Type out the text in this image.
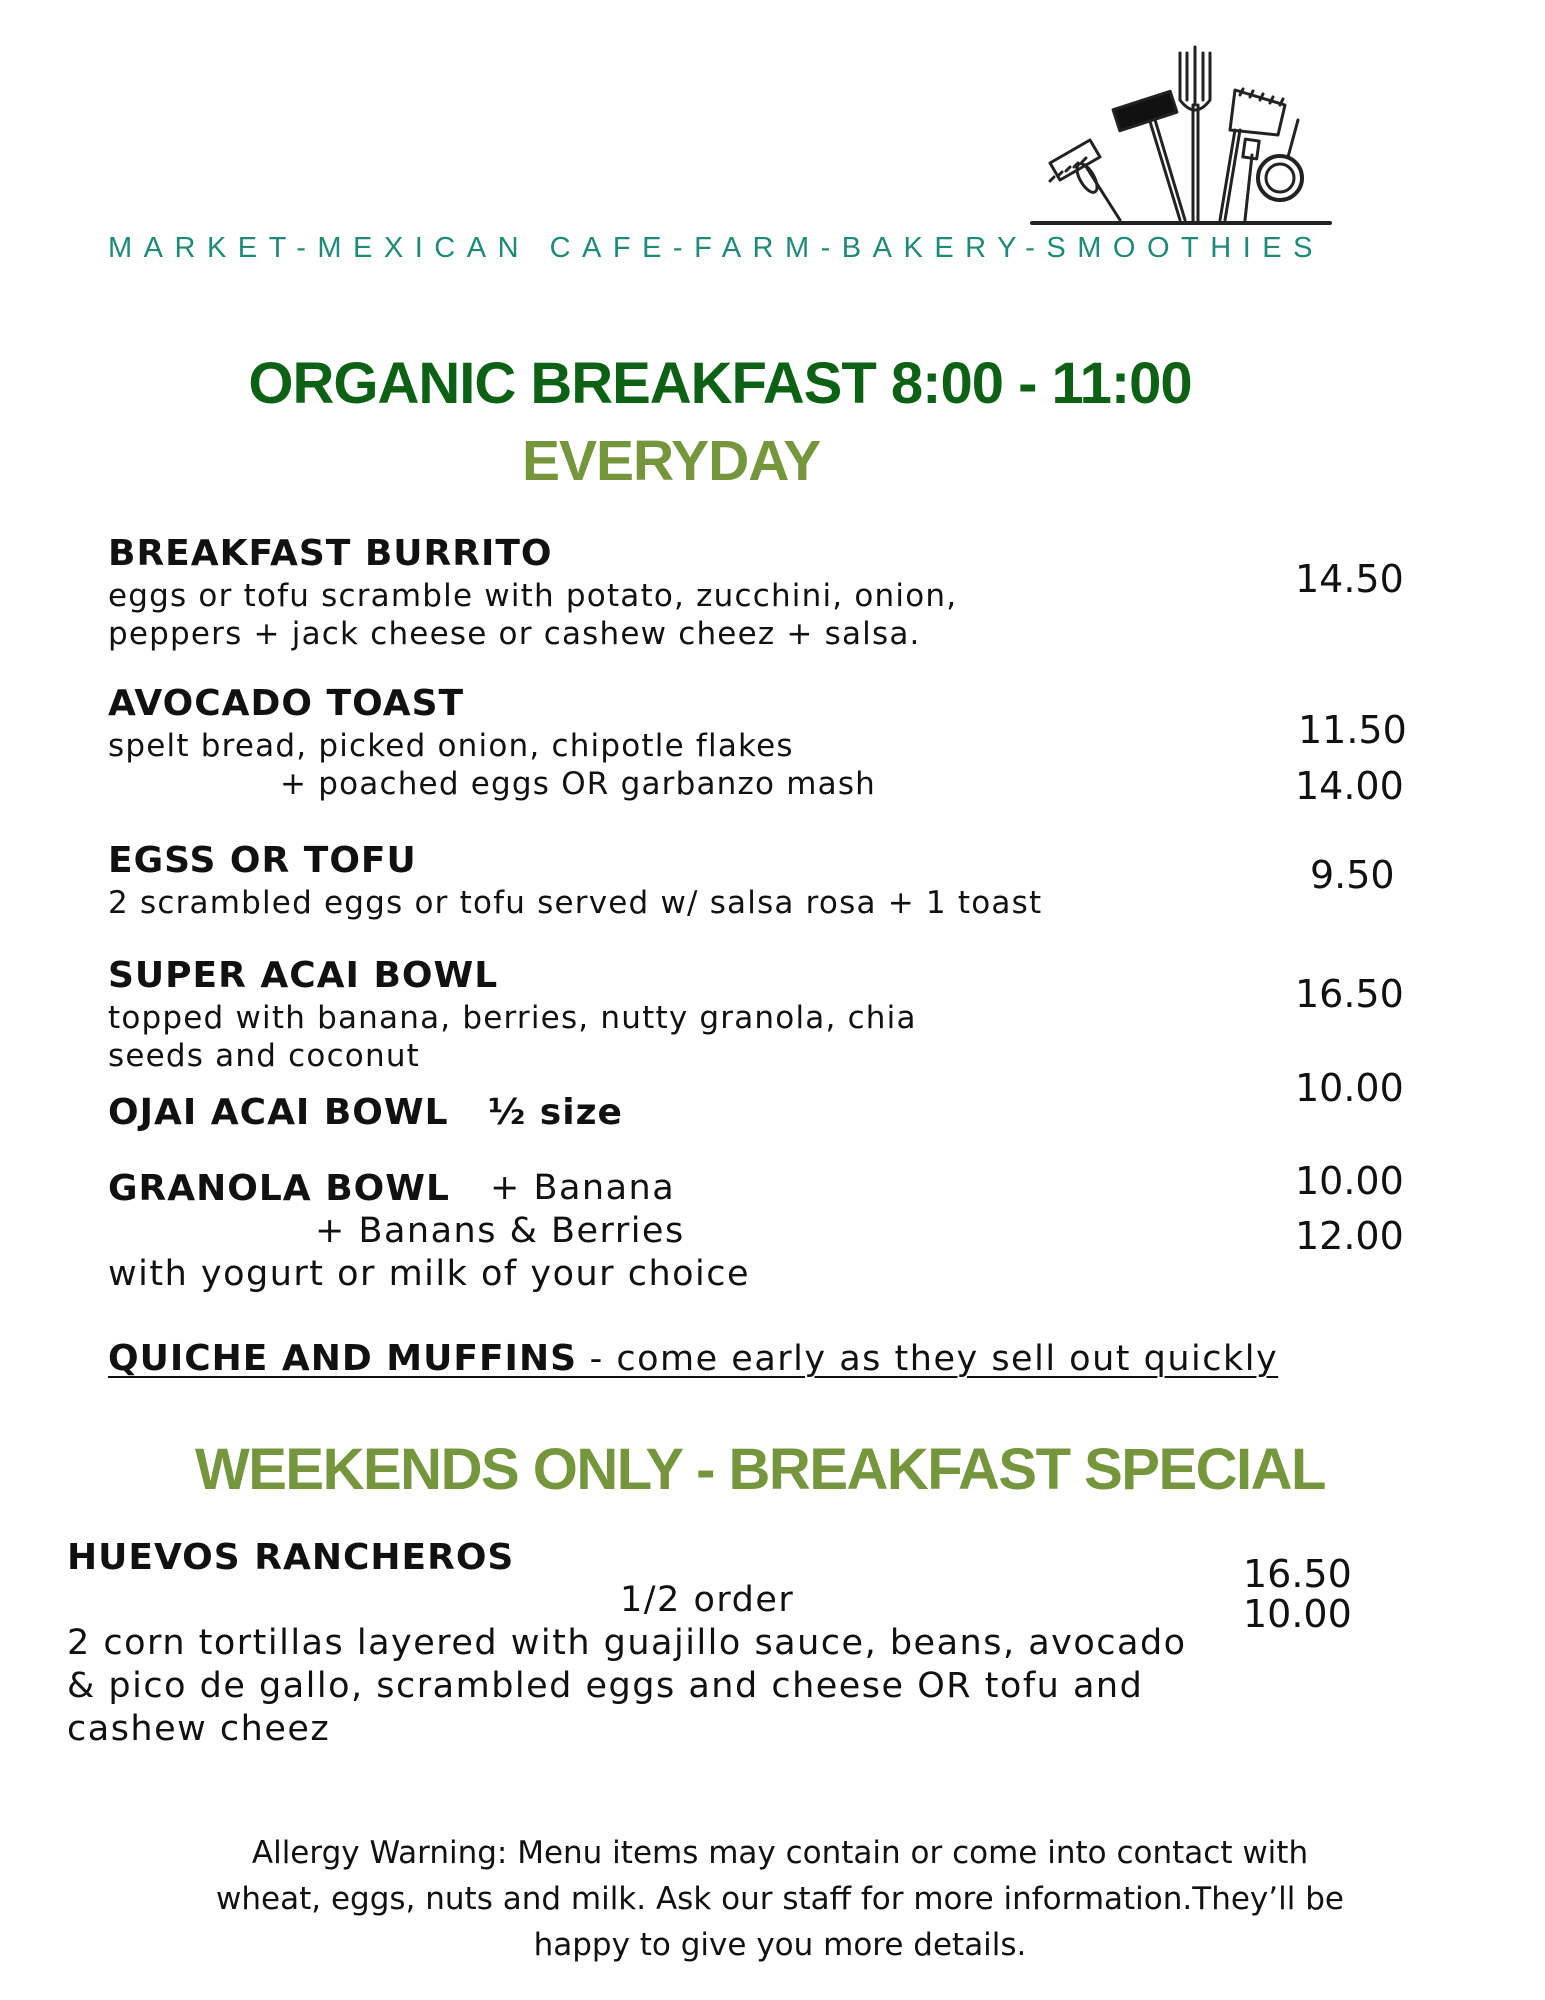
MARKET-MEXICAN CAFE-FARM-BAKERY-SMOOTHIES
ORGANIC BREAKFAST 8:00 - 11:00
EVERYDAY
BREAKFAST BURRITO
eggs or tofu scramble with potato, zucchini, onion,
peppers + jack cheese or cashew cheez + salsa.
14.50
AVOCADO TOAST
spelt bread, picked onion, chipotle flakes
+ poached eggs OR garbanzo mash
11.50
14.00
EGSS OR TOFU
2 scrambled eggs or tofu served w/ salsa rosa + 1 toast
9.50
SUPER ACAI BOWL
topped with banana, berries, nutty granola, chia
seeds and coconut
16.50
OJAI ACAI BOWL ½ size
10.00
GRANOLA BOWL + Banana
+ Banans & Berries
with yogurt or milk of your choice
10.00
12.00
QUICHE AND MUFFINS - come early as they sell out quickly
WEEKENDS ONLY - BREAKFAST SPECIAL
HUEVOS RANCHEROS
1/2 order
2 corn tortillas layered with guajillo sauce, beans, avocado
& pico de gallo, scrambled eggs and cheese OR tofu and
cashew cheez
16.50
10.00
Allergy Warning: Menu items may contain or come into contact with
wheat, eggs, nuts and milk. Ask our staff for more information.They’ll be
happy to give you more details.
